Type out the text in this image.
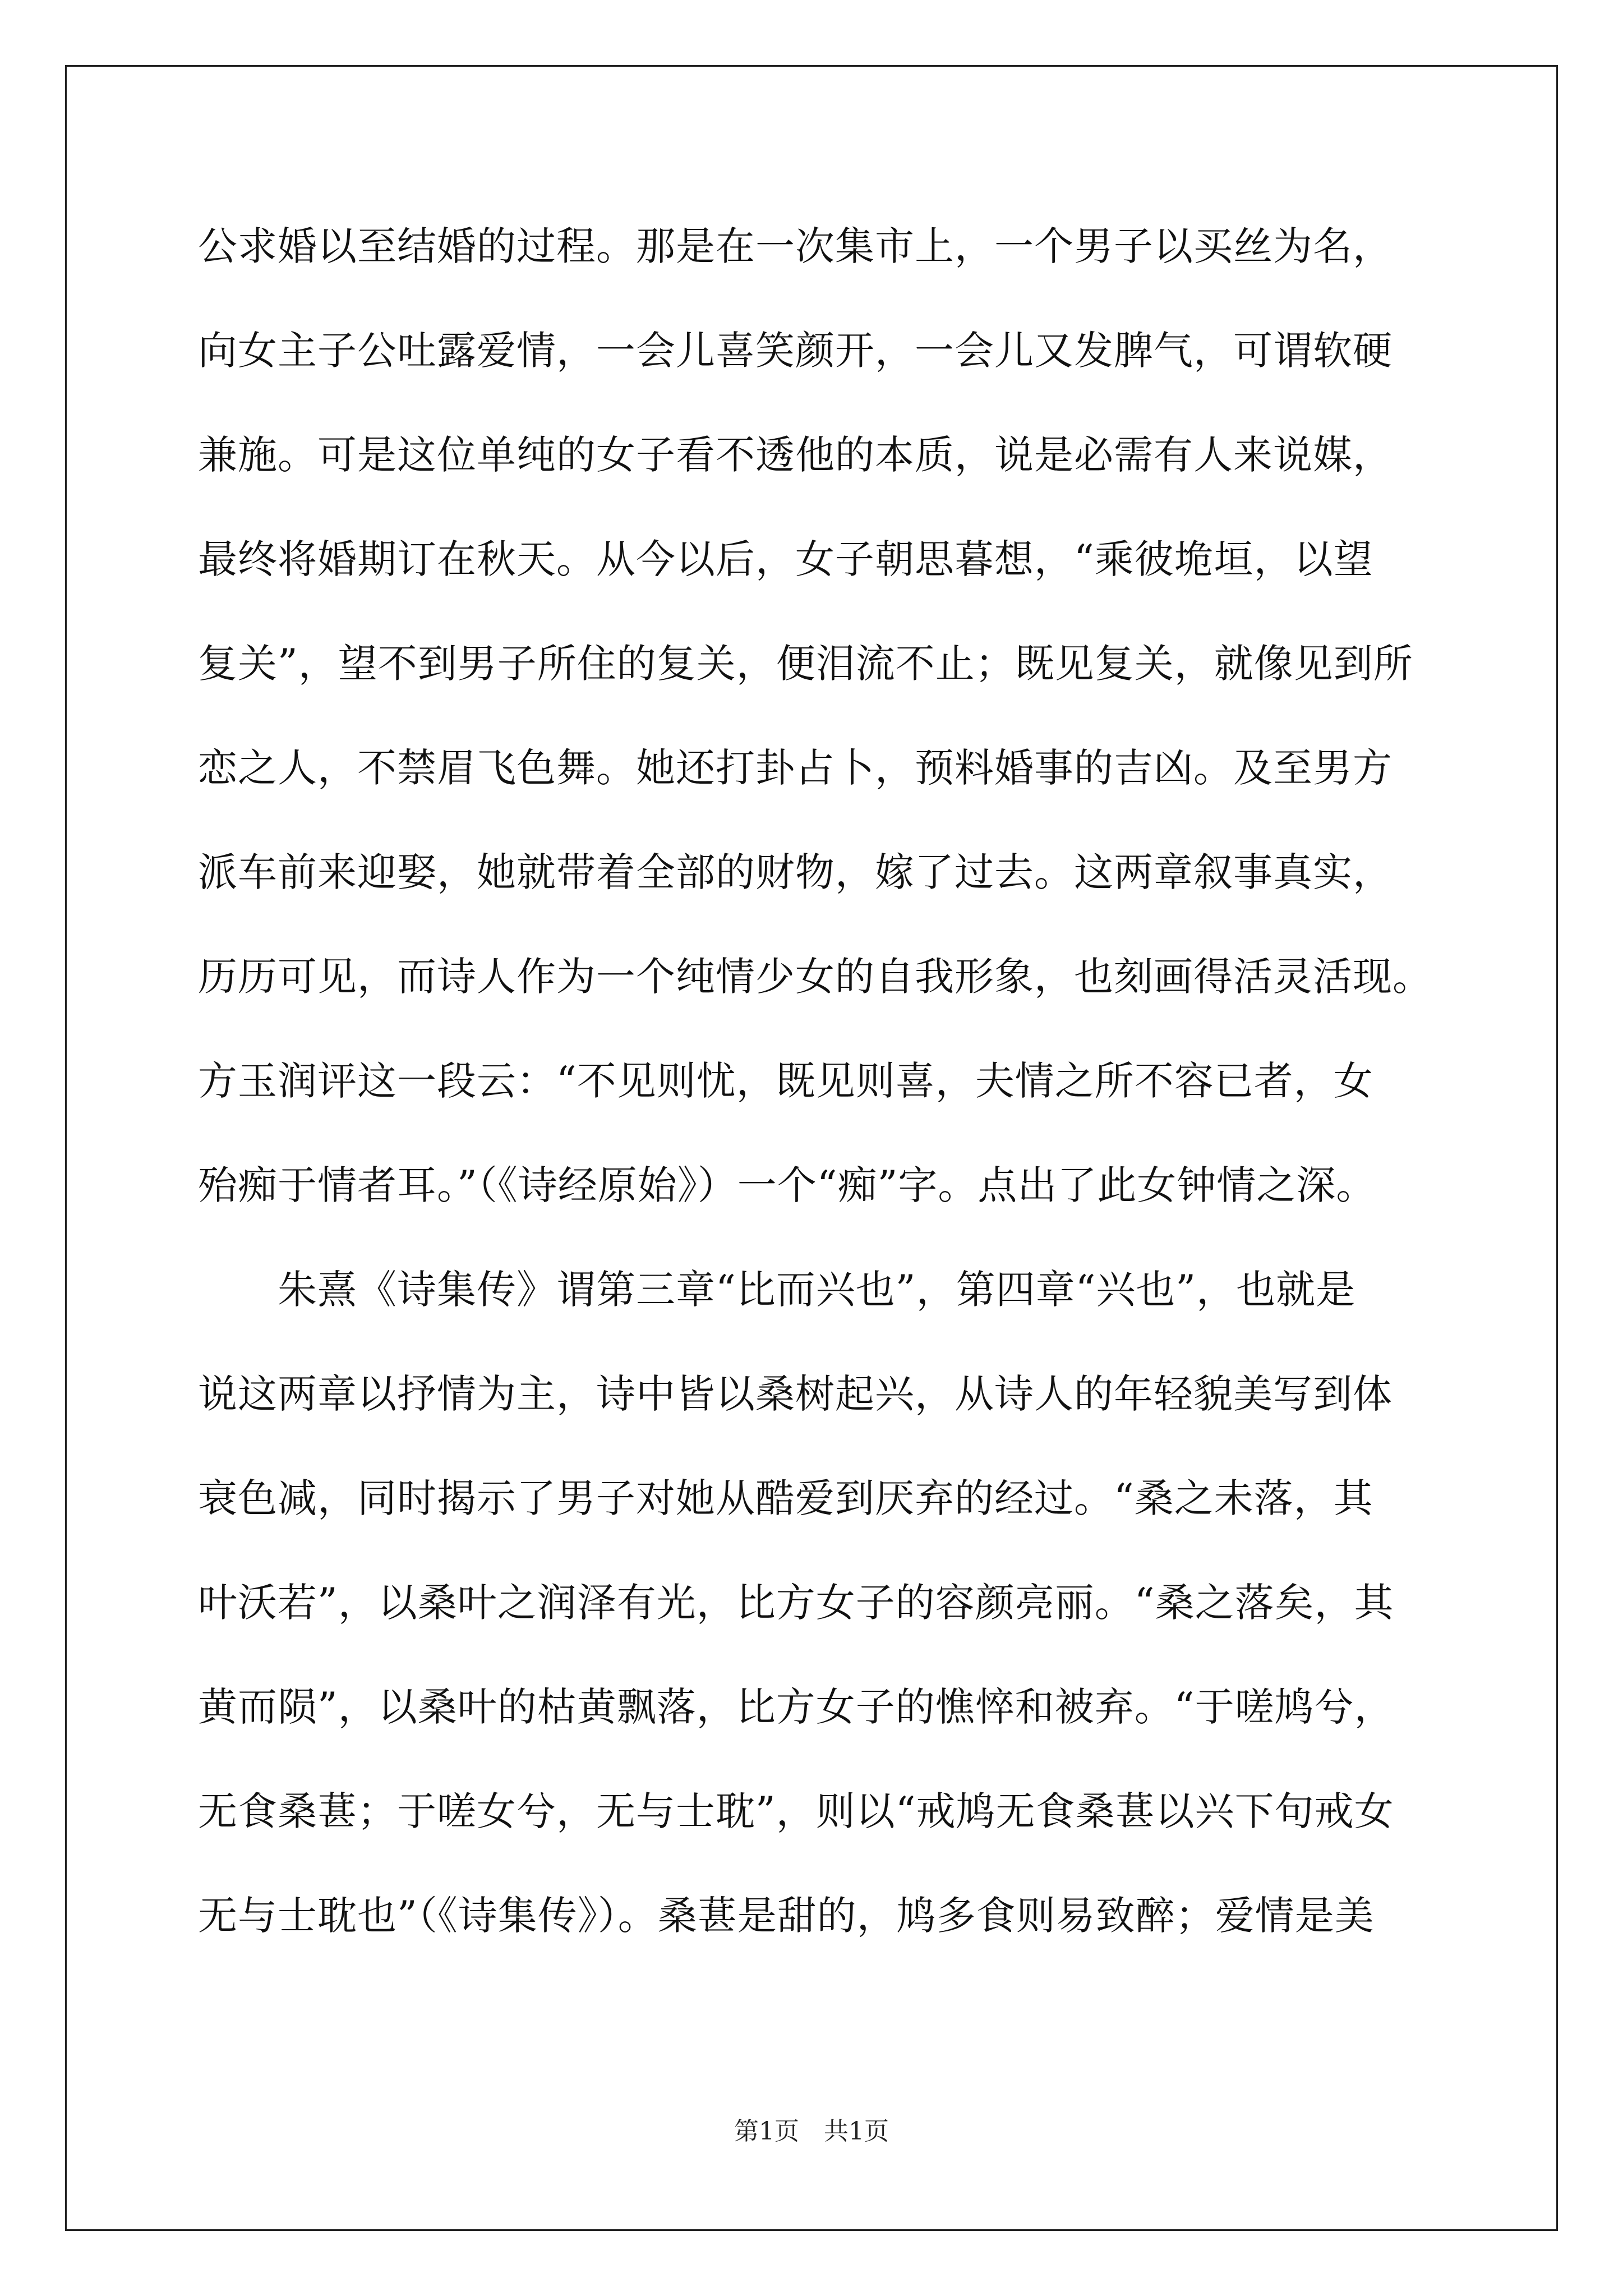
公求婚以至结婚的过程。那是在一次集市上，一个男子以买丝为名，
向女主子公吐露爱情，一会儿喜笑颜开，一会儿又发脾气，可谓软硬
兼施。可是这位单纯的女子看不透他的本质，说是必需有人来说媒，
最终将婚期订在秋天。从今以后，女子朝思暮想，“乘彼垝垣，以望
复关”，望不到男子所住的复关，便泪流不止；既见复关，就像见到所
恋之人，不禁眉飞色舞。她还打卦占卜，预料婚事的吉凶。及至男方
派车前来迎娶，她就带着全部的财物，嫁了过去。这两章叙事真实，
历历可见，而诗人作为一个纯情少女的自我形象，也刻画得活灵活现。
方玉润评这一段云：“不见则忧，既见则喜，夫情之所不容已者，女
殆痴于情者耳。”（《诗经原始》）一个“痴”字。点出了此女钟情之深。
　　朱熹《诗集传》谓第三章“比而兴也”，第四章“兴也”，也就是
说这两章以抒情为主，诗中皆以桑树起兴，从诗人的年轻貌美写到体
衰色减，同时揭示了男子对她从酷爱到厌弃的经过。“桑之未落，其
叶沃若”，以桑叶之润泽有光，比方女子的容颜亮丽。“桑之落矣，其
黄而陨”，以桑叶的枯黄飘落，比方女子的憔悴和被弃。“于嗟鸠兮，
无食桑葚；于嗟女兮，无与士耽”，则以“戒鸠无食桑葚以兴下句戒女
无与士耽也”（《诗集传》）。桑葚是甜的，鸠多食则易致醉；爱情是美
第1页　共1页
